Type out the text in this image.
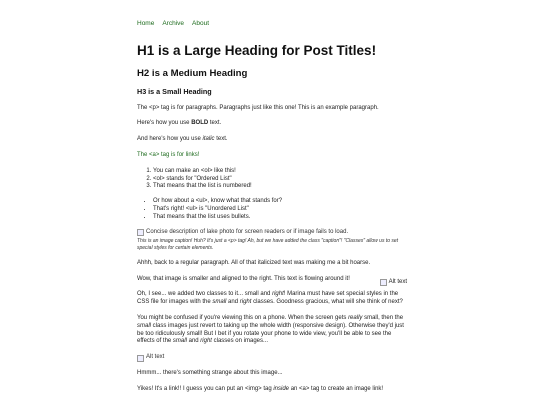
Home Archive About
H1 is a Large Heading for Post Titles!
H2 is a Medium Heading
H3 is a Small Heading

The <p> tag is for paragraphs. Paragraphs just like this one! This is an example paragraph.

Here's how you use BOLD text.

And here's how you use italic text.

The <a> tag is for links!

1. You can make an <ol> like this!
2. <ol> stands for "Ordered List"
3. That means that the list is numbered!
• Or how about a <ul>, know what that stands for?
• That's right! <ul> is "Unordered List"
• That means that the list uses bullets.
Concise description of lake photo for screen readers or if image fails to load.

This is an image caption! Huh? It's just a <p> tag! Ah, but we have added the class "caption"! "Classes" allow us to set special styles for certain elements.

Ahhh, back to a regular paragraph. All of that italicized text was making me a bit hoarse.

Alt text

Wow, that image is smaller and aligned to the right. This text is flowing around it!

Oh, I see... we added two classes to it... small and right! Marina must have set special styles in the CSS file for images with the small and right classes. Goodness gracious, what will she think of next?

You might be confused if you're viewing this on a phone. When the screen gets really small, then the small class images just revert to taking up the whole width (responsive design). Otherwise they'd just be too ridiculously small! But I bet if you rotate your phone to wide view, you'll be able to see the effects of the small and right classes on images...

Alt text

Hmmm... there's something strange about this image...

Yikes! It's a link!! I guess you can put an <img> tag inside an <a> tag to create an image link!
